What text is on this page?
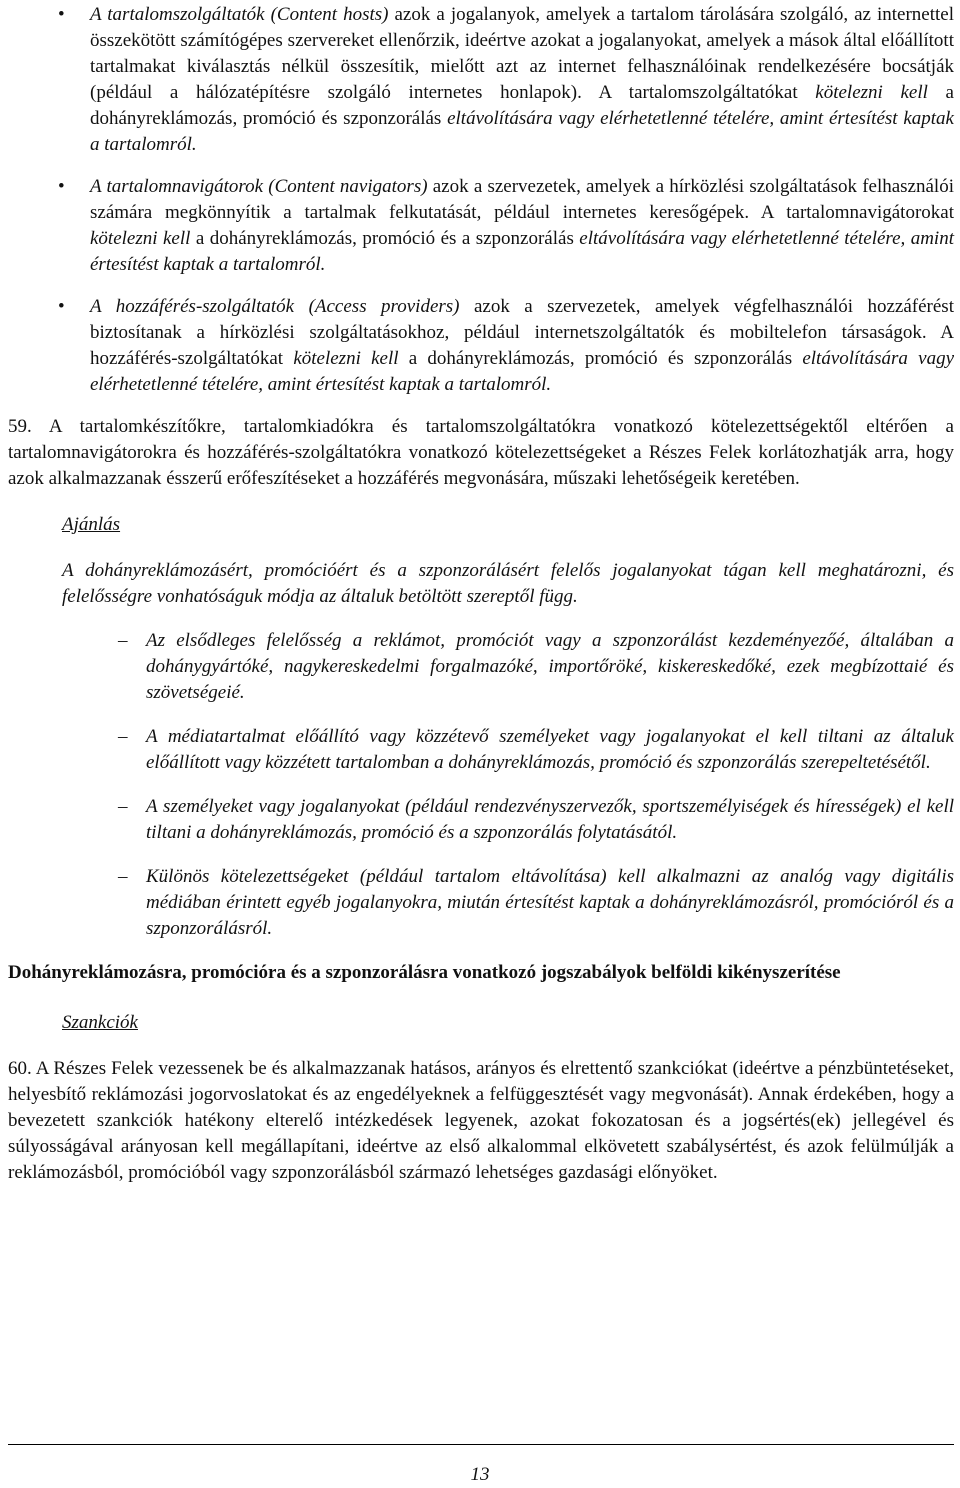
• A tartalomszolgáltatók (Content hosts) azok a jogalanyok, amelyek a tartalom tárolására szolgáló, az internettel összekötött számítógépes szervereket ellenőrzik, ideértve azokat a jogalanyokat, amelyek a mások által előállított tartalmakat kiválasztás nélkül összesítik, mielőtt azt az internet felhasználóinak rendelkezésére bocsátják (például a hálózatépítésre szolgáló internetes honlapok). A tartalomszolgáltatókat kötelezni kell a dohányreklámozás, promóció és szponzorálás eltávolítására vagy elérhetetlenné tételére, amint értesítést kaptak a tartalomról.
• A tartalomnavigátorok (Content navigators) azok a szervezetek, amelyek a hírközlési szolgáltatások felhasználói számára megkönnyítik a tartalmak felkutatását, például internetes keresőgépek. A tartalomnavigátorokat kötelezni kell a dohányreklámozás, promóció és a szponzorálás eltávolítására vagy elérhetetlenné tételére, amint értesítést kaptak a tartalomról.
• A hozzáférés-szolgáltatók (Access providers) azok a szervezetek, amelyek végfelhasználói hozzáférést biztosítanak a hírközlési szolgáltatásokhoz, például internetszolgáltatók és mobiltelefon társaságok. A hozzáférés-szolgáltatókat kötelezni kell a dohányreklámozás, promóció és szponzorálás eltávolítására vagy elérhetetlenné tételére, amint értesítést kaptak a tartalomról.

59. A tartalomkészítőkre, tartalomkiadókra és tartalomszolgáltatókra vonatkozó kötelezettségektől eltérően a tartalomnavigátorokra és hozzáférés-szolgáltatókra vonatkozó kötelezettségeket a Részes Felek korlátozhatják arra, hogy azok alkalmazzanak ésszerű erőfeszítéseket a hozzáférés megvonására, műszaki lehetőségeik keretében.

Ajánlás

A dohányreklámozásért, promócióért és a szponzorálásért felelős jogalanyokat tágan kell meghatározni, és felelősségre vonhatóságuk módja az általuk betöltött szereptől függ.

– Az elsődleges felelősség a reklámot, promóciót vagy a szponzorálást kezdeményezőé, általában a dohánygyártóké, nagykereskedelmi forgalmazóké, importőröké, kiskereskedőké, ezek megbízottaié és szövetségeié.
– A médiatartalmat előállító vagy közzétevő személyeket vagy jogalanyokat el kell tiltani az általuk előállított vagy közzétett tartalomban a dohányreklámozás, promóció és szponzorálás szerepeltetésétől.
– A személyeket vagy jogalanyokat (például rendezvényszervezők, sportszemélyiségek és hírességek) el kell tiltani a dohányreklámozás, promóció és a szponzorálás folytatásától.
– Különös kötelezettségeket (például tartalom eltávolítása) kell alkalmazni az analóg vagy digitális médiában érintett egyéb jogalanyokra, miután értesítést kaptak a dohányreklámozásról, promócióról és a szponzorálásról.

Dohányreklámozásra, promócióra és a szponzorálásra vonatkozó jogszabályok belföldi kikényszerítése

Szankciók

60. A Részes Felek vezessenek be és alkalmazzanak hatásos, arányos és elrettentő szankciókat (ideértve a pénzbüntetéseket, helyesbítő reklámozási jogorvoslatokat és az engedélyeknek a felfüggesztését vagy megvonását). Annak érdekében, hogy a bevezetett szankciók hatékony elterelő intézkedések legyenek, azokat fokozatosan és a jogsértés(ek) jellegével és súlyosságával arányosan kell megállapítani, ideértve az első alkalommal elkövetett szabálysértést, és azok felülmúlják a reklámozásból, promócióból vagy szponzorálásból származó lehetséges gazdasági előnyöket.

13
